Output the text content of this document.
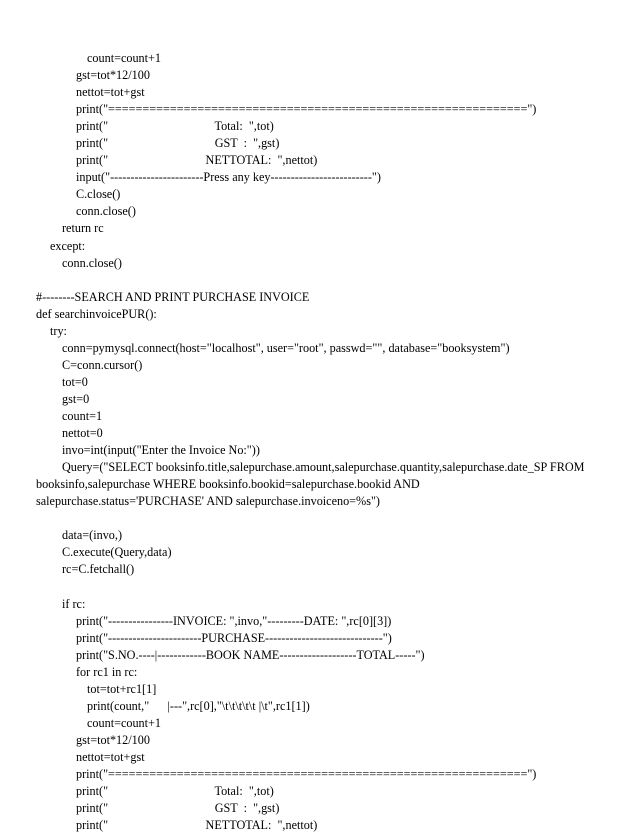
count=count+1
gst=tot*12/100
nettot=tot+gst
print("=============================================================")
print("                                   Total:  ",tot)
print("                                   GST  :  ",gst)
print("                                NETTOTAL:  ",nettot)
input("-----------------------Press any key-------------------------")
C.close()
conn.close()
return rc
except:
conn.close()
#--------SEARCH AND PRINT PURCHASE INVOICE
def searchinvoicePUR():
try:
conn=pymysql.connect(host="localhost", user="root", passwd="", database="booksystem")
C=conn.cursor()
tot=0
gst=0
count=1
nettot=0
invo=int(input("Enter the Invoice No:"))
Query=("SELECT booksinfo.title,salepurchase.amount,salepurchase.quantity,salepurchase.date_SP FROM
booksinfo,salepurchase WHERE booksinfo.bookid=salepurchase.bookid AND
salepurchase.status='PURCHASE' AND salepurchase.invoiceno=%s")
data=(invo,)
C.execute(Query,data)
rc=C.fetchall()
if rc:
print("----------------INVOICE: ",invo,"---------DATE: ",rc[0][3])
print("-----------------------PURCHASE-----------------------------")
print("S.NO.----|------------BOOK NAME-------------------TOTAL-----")
for rc1 in rc:
tot=tot+rc1[1]
print(count,"      |---",rc[0],"\t\t\t\t\t |\t",rc1[1])
count=count+1
gst=tot*12/100
nettot=tot+gst
print("=============================================================")
print("                                   Total:  ",tot)
print("                                   GST  :  ",gst)
print("                                NETTOTAL:  ",nettot)
